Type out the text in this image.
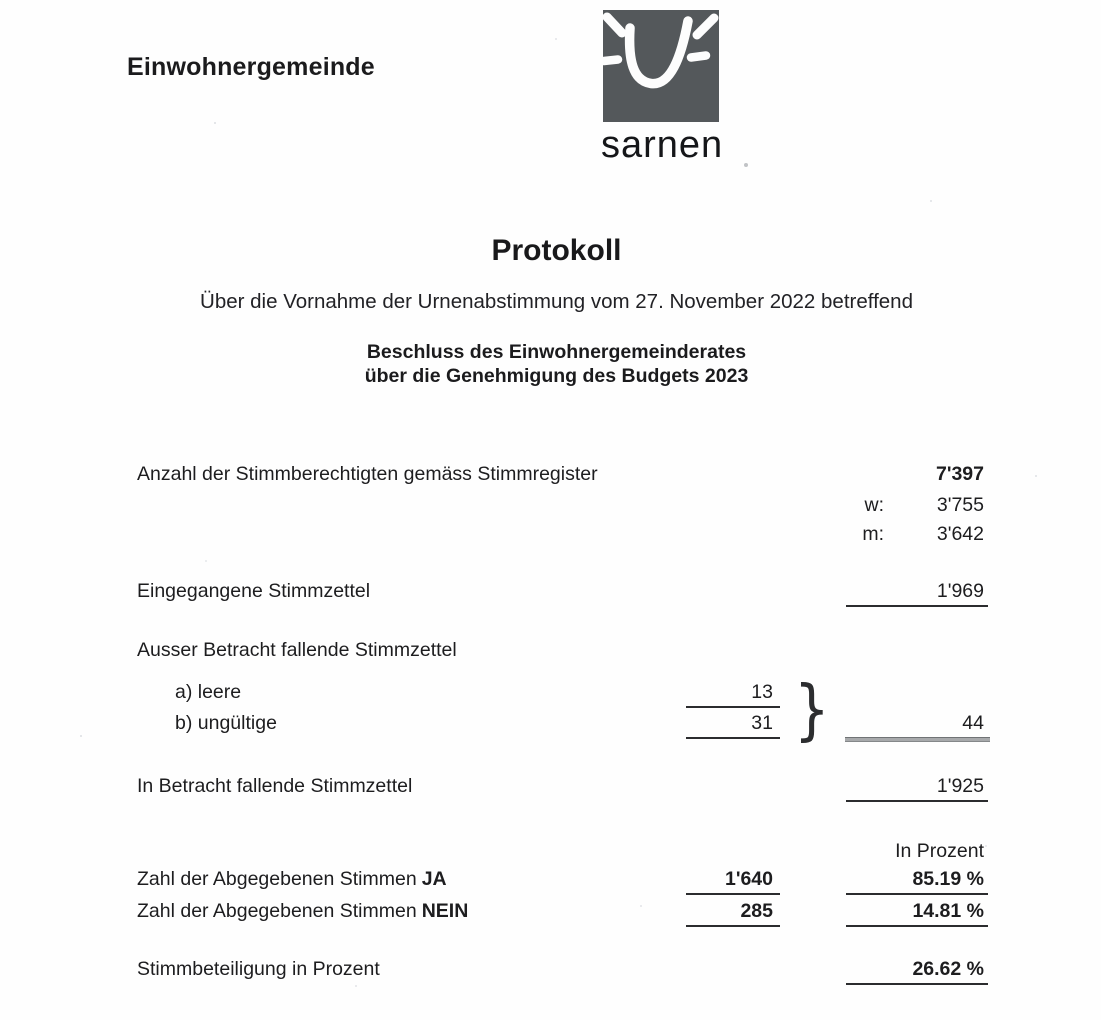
Einwohnergemeinde
sarnen
Protokoll
Über die Vornahme der Urnenabstimmung vom 27. November 2022 betreffend
Beschluss des Einwohnergemeinderates
über die Genehmigung des Budgets 2023
Anzahl der Stimmberechtigten gemäss Stimmregister	7'397
w:	3'755
m:	3'642
Eingegangene Stimmzettel	1'969
Ausser Betracht fallende Stimmzettel
a) leere	13
b) ungültige	31 }	44
In Betracht fallende Stimmzettel	1'925
In Prozent
Zahl der Abgegebenen Stimmen JA	1'640	85.19 %
Zahl der Abgegebenen Stimmen NEIN	285	14.81 %
Stimmbeteiligung in Prozent	26.62 %
